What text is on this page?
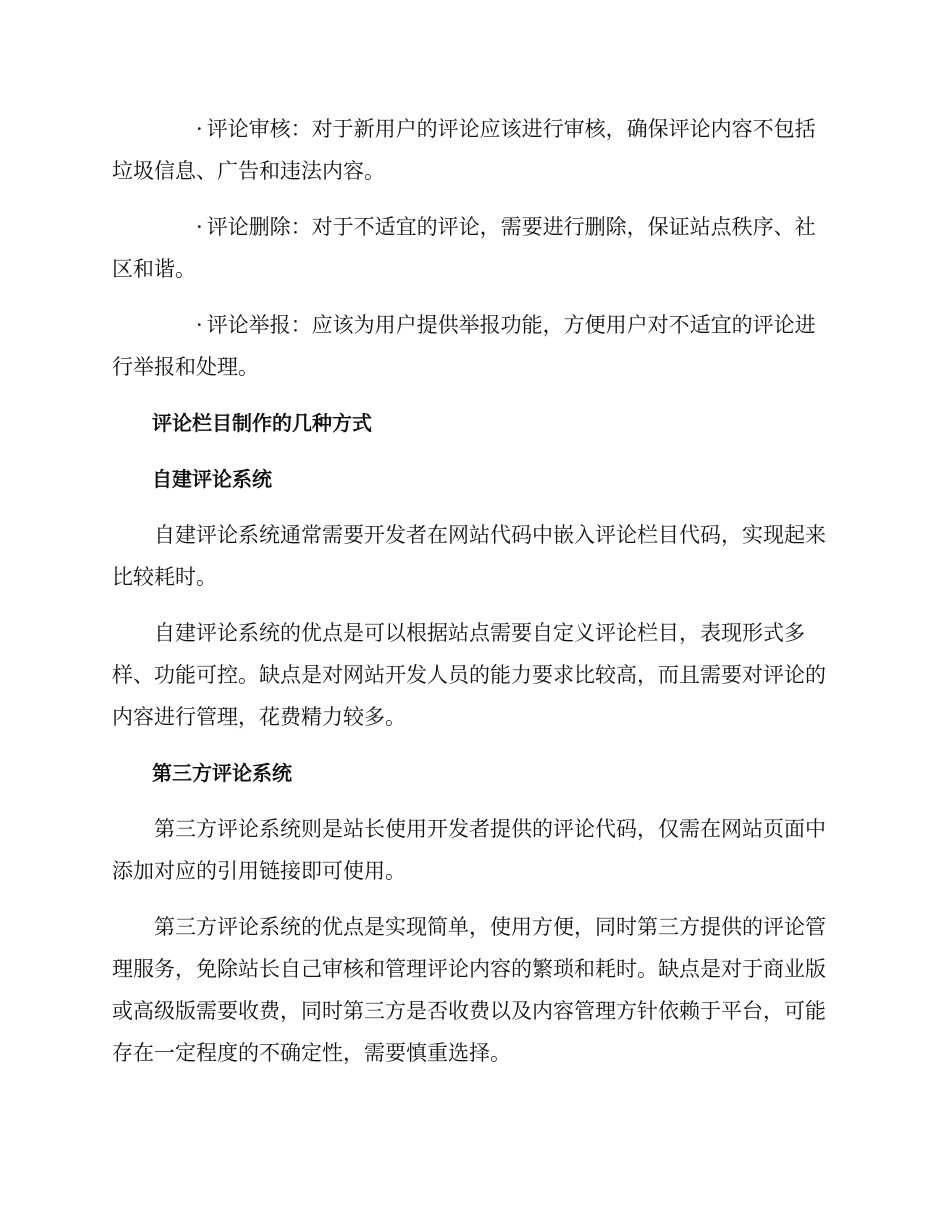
· 评论审核：对于新用户的评论应该进行审核，确保评论内容不包括垃圾信息、广告和违法内容。

· 评论删除：对于不适宜的评论，需要进行删除，保证站点秩序、社区和谐。

· 评论举报：应该为用户提供举报功能，方便用户对不适宜的评论进行举报和处理。

评论栏目制作的几种方式

自建评论系统

自建评论系统通常需要开发者在网站代码中嵌入评论栏目代码，实现起来比较耗时。

自建评论系统的优点是可以根据站点需要自定义评论栏目，表现形式多样、功能可控。缺点是对网站开发人员的能力要求比较高，而且需要对评论的内容进行管理，花费精力较多。

第三方评论系统

第三方评论系统则是站长使用开发者提供的评论代码，仅需在网站页面中添加对应的引用链接即可使用。

第三方评论系统的优点是实现简单，使用方便，同时第三方提供的评论管理服务，免除站长自己审核和管理评论内容的繁琐和耗时。缺点是对于商业版或高级版需要收费，同时第三方是否收费以及内容管理方针依赖于平台，可能存在一定程度的不确定性，需要慎重选择。
